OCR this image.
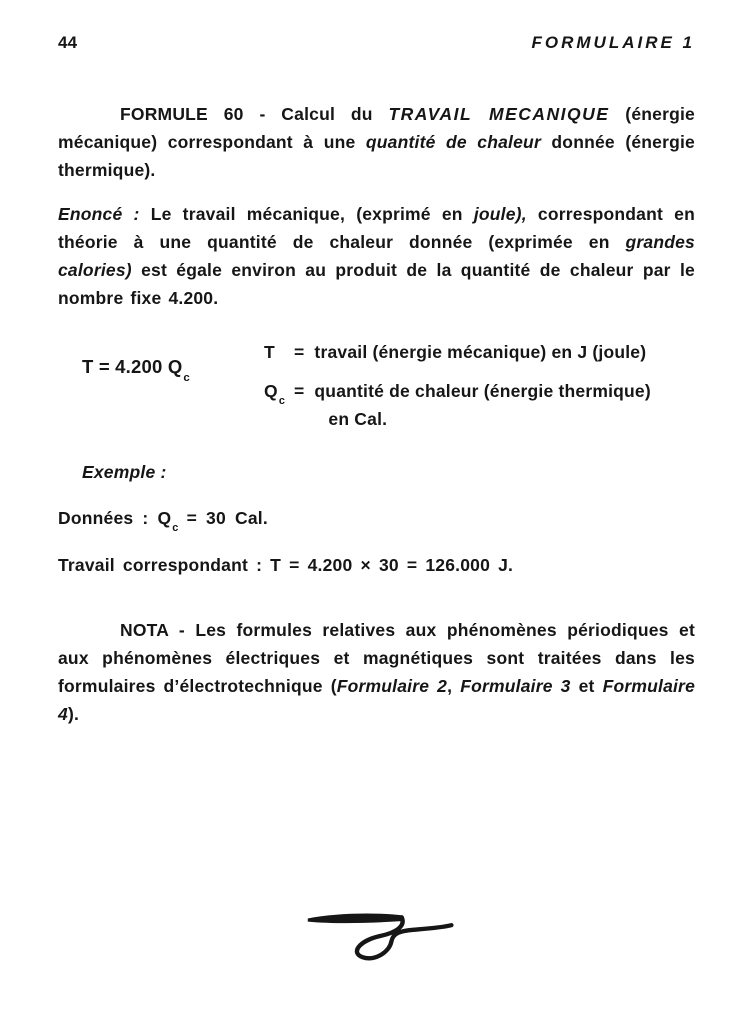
44	FORMULAIRE 1

FORMULE 60 - Calcul du TRAVAIL MECANIQUE (énergie mécanique) correspondant à une quantité de chaleur donnée (énergie thermique).

Enoncé : Le travail mécanique, (exprimé en joule), correspondant en théorie à une quantité de chaleur donnée (exprimée en grandes calories) est égale environ au produit de la quantité de chaleur par le nombre fixe 4.200.

T = 4.200 $Q_c$
T	= travail (énergie mécanique) en J (joule)
$Q_c$
= quantité de chaleur (énergie thermique)
en Cal.

Exemple :

Données : $Q_c = 30$ Cal.

Travail correspondant : T = 4.200 × 30 = 126.000 J.

NOTA - Les formules relatives aux phénomènes périodiques et aux phénomènes électriques et magnétiques sont traitées dans les formulaires d’électrotechnique (Formulaire 2, Formulaire 3 et Formulaire 4).
